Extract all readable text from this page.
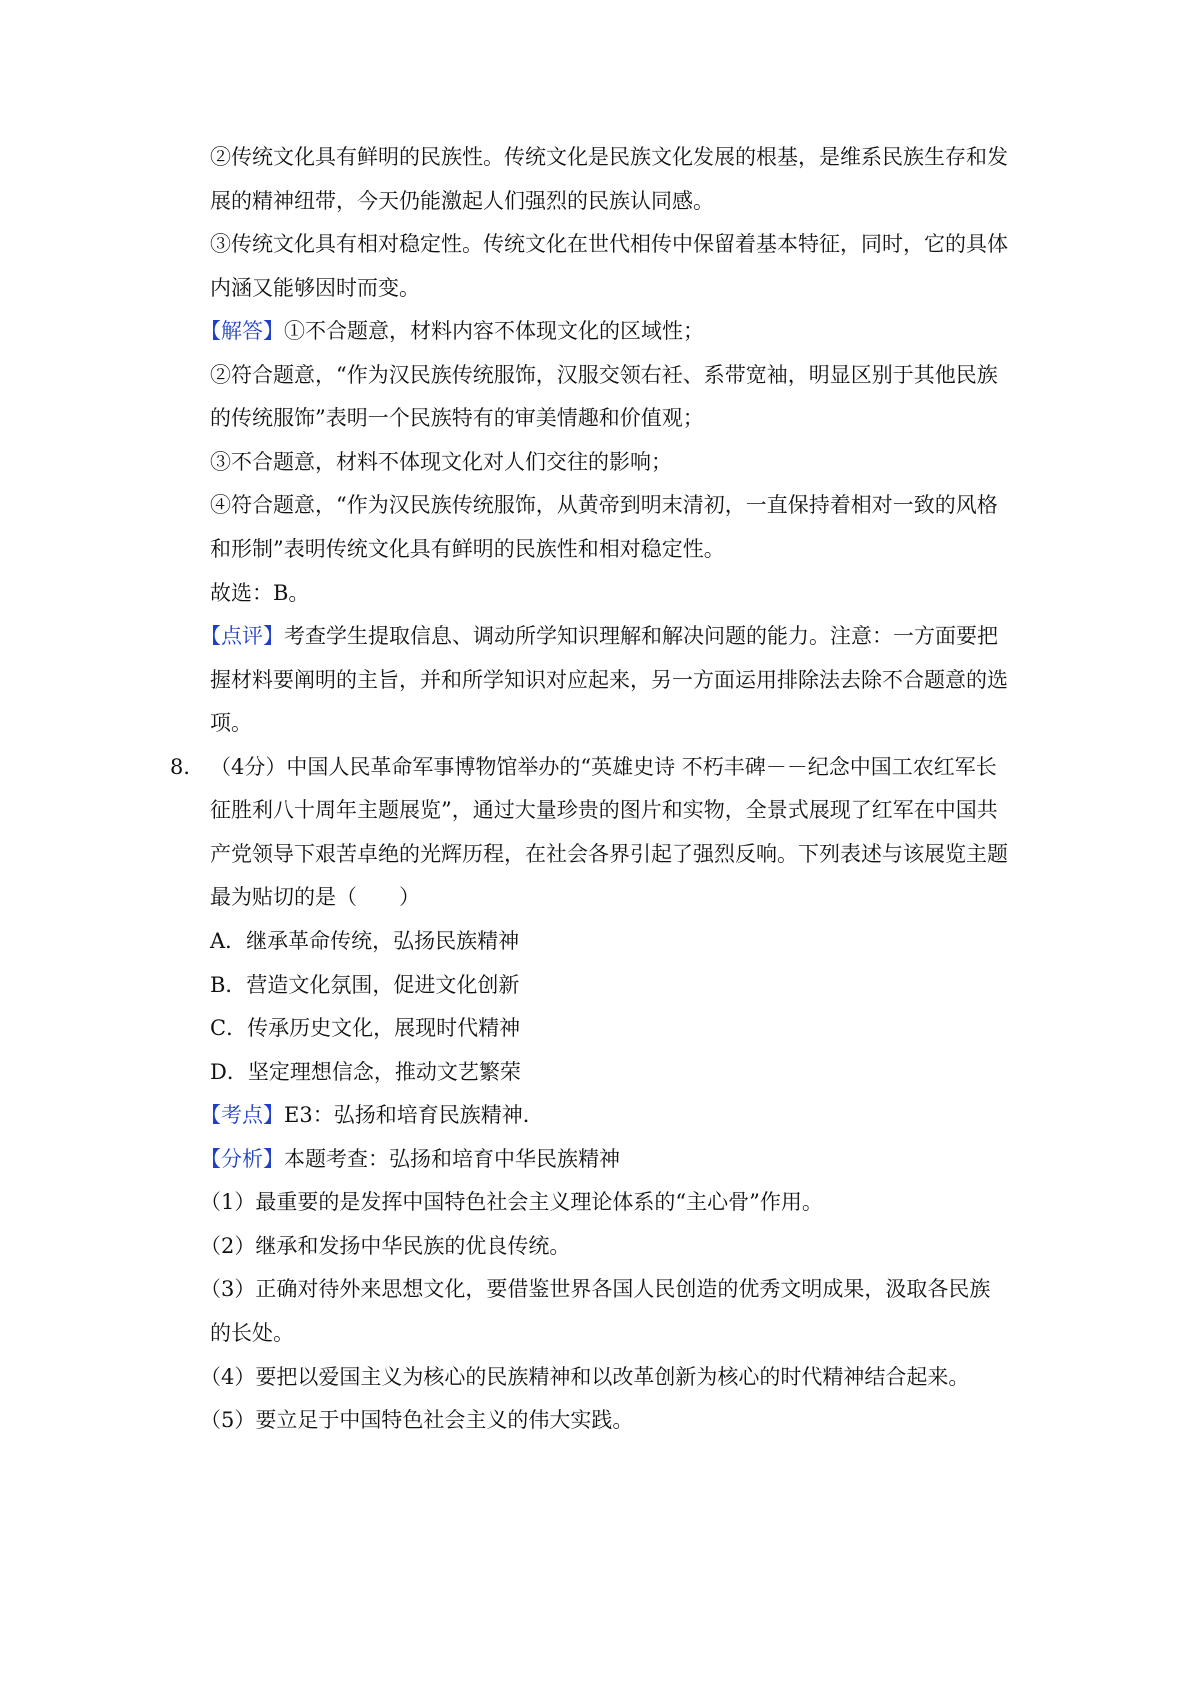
②传统文化具有鲜明的民族性。传统文化是民族文化发展的根基，是维系民族生存和发
展的精神纽带，今天仍能激起人们强烈的民族认同感。
③传统文化具有相对稳定性。传统文化在世代相传中保留着基本特征，同时，它的具体
内涵又能够因时而变。
【解答】①不合题意，材料内容不体现文化的区域性；
②符合题意，“作为汉民族传统服饰，汉服交领右衽、系带宽袖，明显区别于其他民族
的传统服饰”表明一个民族特有的审美情趣和价值观；
③不合题意，材料不体现文化对人们交往的影响；
④符合题意，“作为汉民族传统服饰，从黄帝到明末清初，一直保持着相对一致的风格
和形制”表明传统文化具有鲜明的民族性和相对稳定性。
故选：B。
【点评】考查学生提取信息、调动所学知识理解和解决问题的能力。注意：一方面要把
握材料要阐明的主旨，并和所学知识对应起来，另一方面运用排除法去除不合题意的选
项。
8． （4分）中国人民革命军事博物馆举办的“英雄史诗 不朽丰碑－－纪念中国工农红军长
征胜利八十周年主题展览”，通过大量珍贵的图片和实物，全景式展现了红军在中国共
产党领导下艰苦卓绝的光辉历程，在社会各界引起了强烈反响。下列表述与该展览主题
最为贴切的是（　　）
A．继承革命传统，弘扬民族精神
B．营造文化氛围，促进文化创新
C．传承历史文化，展现时代精神
D．坚定理想信念，推动文艺繁荣
【考点】E3：弘扬和培育民族精神．
【分析】本题考查：弘扬和培育中华民族精神
（1）最重要的是发挥中国特色社会主义理论体系的“主心骨”作用。
（2）继承和发扬中华民族的优良传统。
（3）正确对待外来思想文化，要借鉴世界各国人民创造的优秀文明成果，汲取各民族
的长处。
（4）要把以爱国主义为核心的民族精神和以改革创新为核心的时代精神结合起来。
（5）要立足于中国特色社会主义的伟大实践。
